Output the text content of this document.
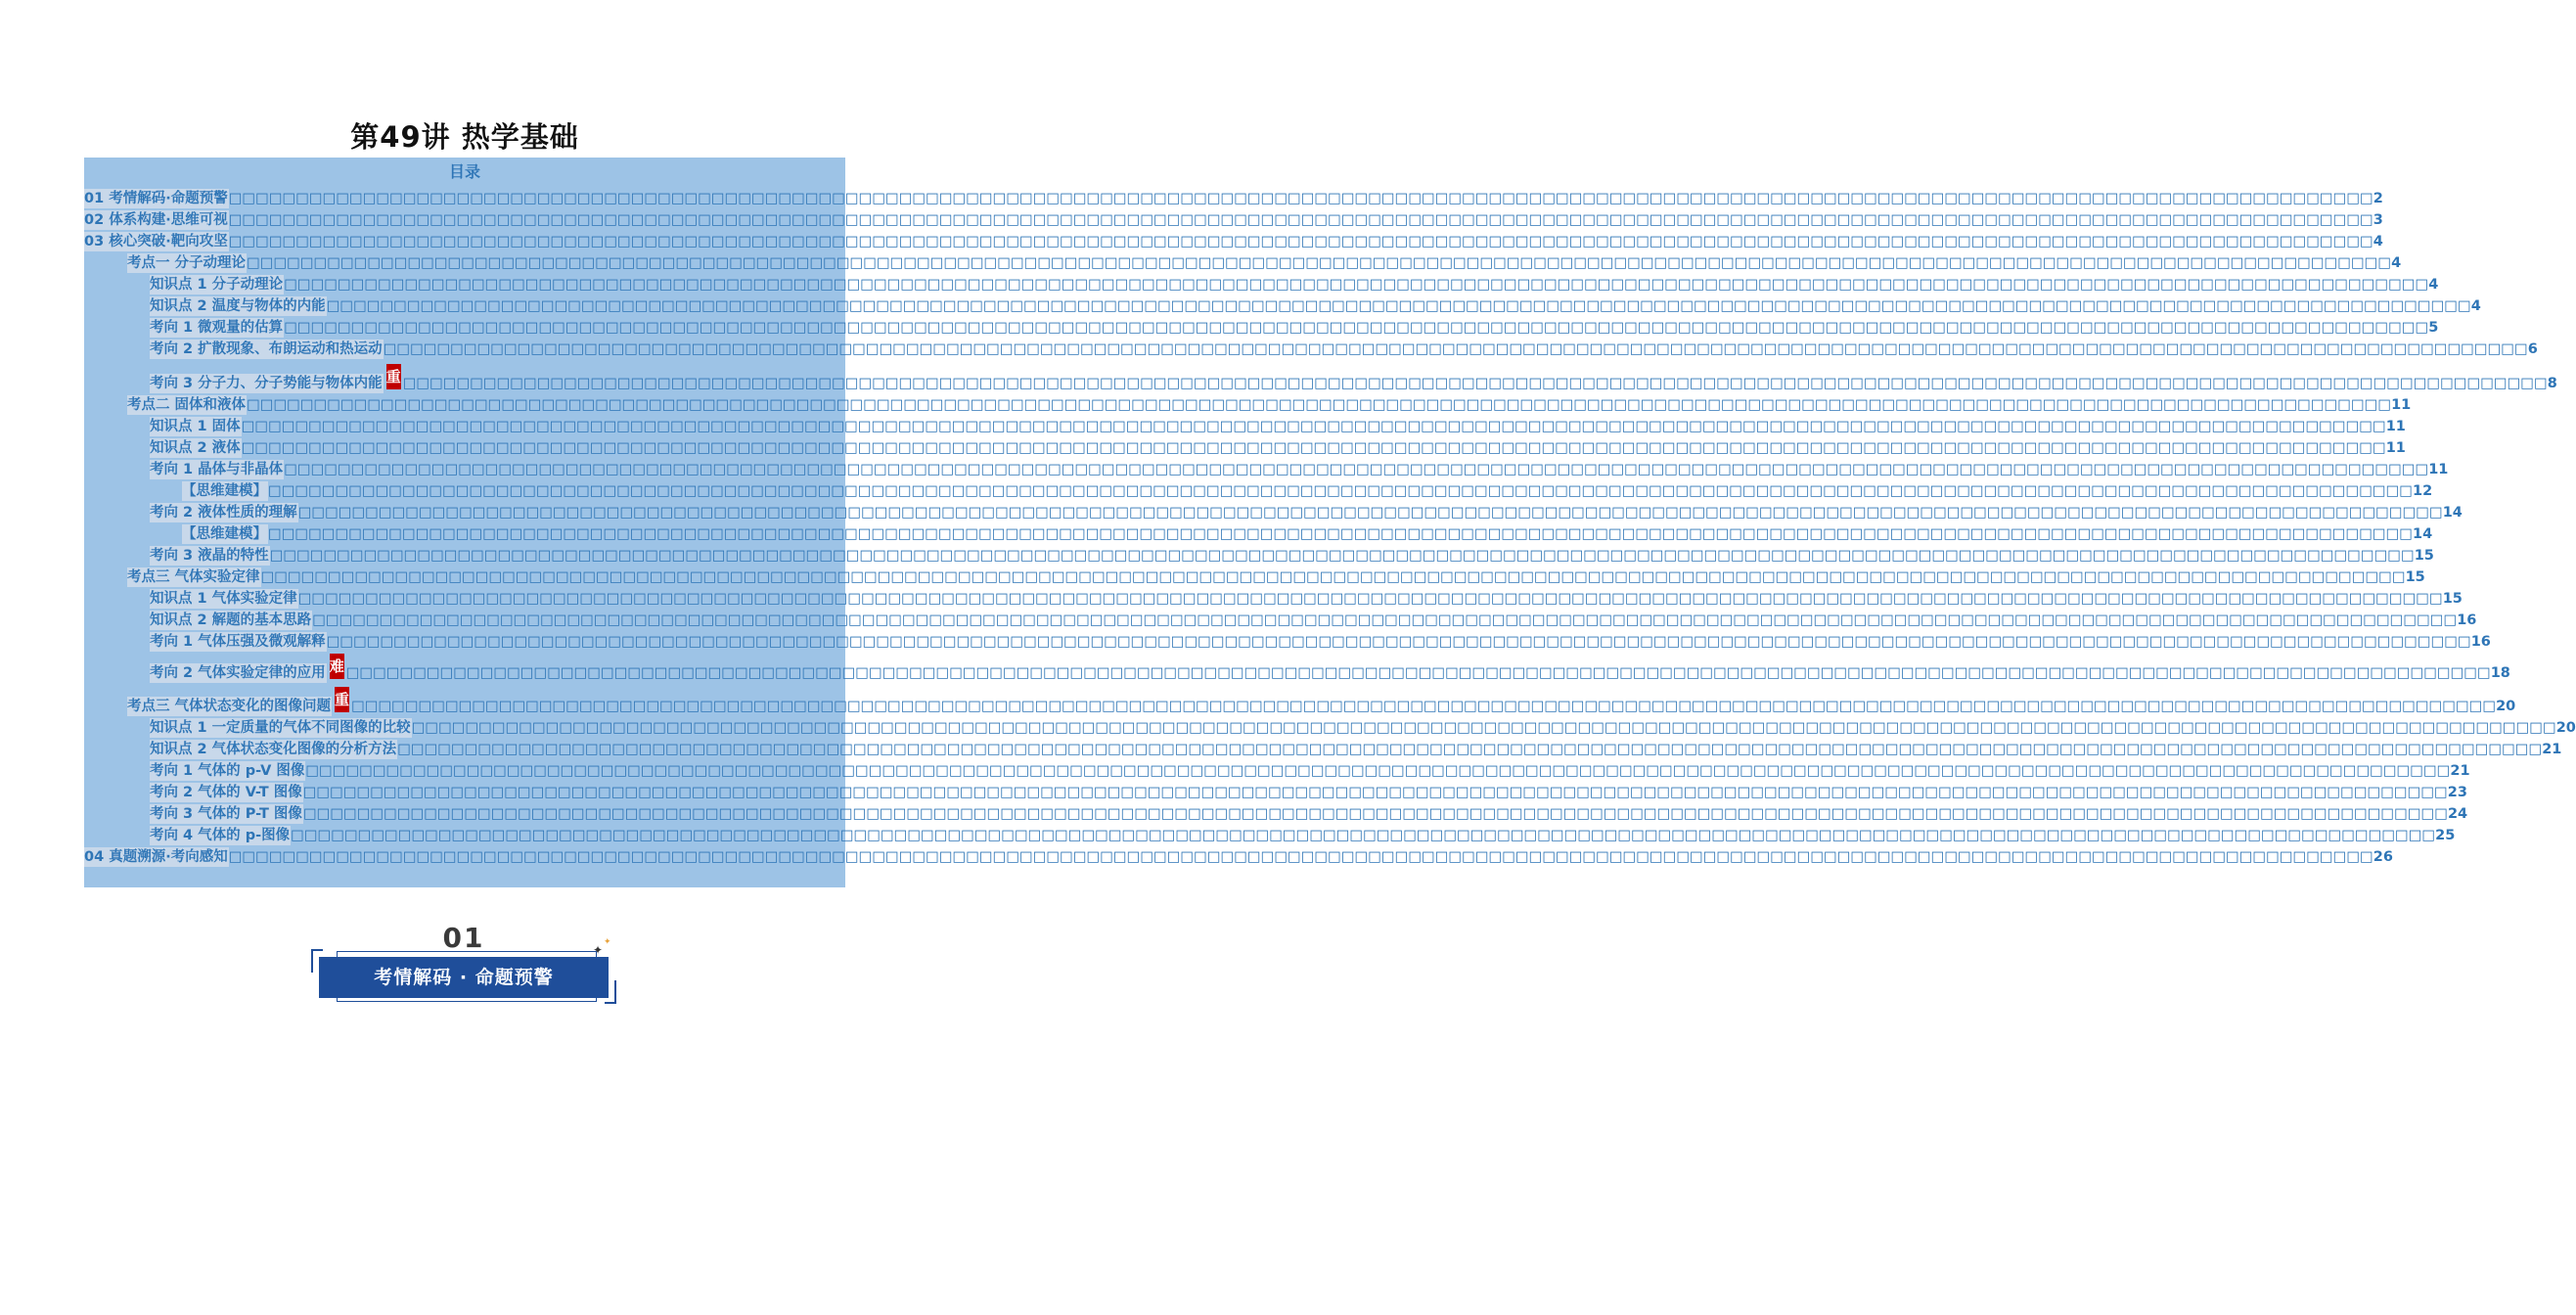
第49讲 热学基础
目录
01 考情解码·命题预警 □□□□□□□□□□□□□□□□□□□□□□□□□□□□□□□□□□□□□□□□□□□□□□□□□□□□□□□□□□□□□□□□□□□□□□□□□□□□□□□□□□□□□□□□□□□□□□□□□□□□□□□□□□□□□□□□□□□□□□□□□□□□□□□□□□□□□□□□□□□□□□□□□□□□□□□□□□□□□□□□ 2
02 体系构建·思维可视 □□□□□□□□□□□□□□□□□□□□□□□□□□□□□□□□□□□□□□□□□□□□□□□□□□□□□□□□□□□□□□□□□□□□□□□□□□□□□□□□□□□□□□□□□□□□□□□□□□□□□□□□□□□□□□□□□□□□□□□□□□□□□□□□□□□□□□□□□□□□□□□□□□□□□□□□□□□□□□□□ 3
03 核心突破·靶向攻坚 □□□□□□□□□□□□□□□□□□□□□□□□□□□□□□□□□□□□□□□□□□□□□□□□□□□□□□□□□□□□□□□□□□□□□□□□□□□□□□□□□□□□□□□□□□□□□□□□□□□□□□□□□□□□□□□□□□□□□□□□□□□□□□□□□□□□□□□□□□□□□□□□□□□□□□□□□□□□□□□□ 4
考点一 分子动理论 □□□□□□□□□□□□□□□□□□□□□□□□□□□□□□□□□□□□□□□□□□□□□□□□□□□□□□□□□□□□□□□□□□□□□□□□□□□□□□□□□□□□□□□□□□□□□□□□□□□□□□□□□□□□□□□□□□□□□□□□□□□□□□□□□□□□□□□□□□□□□□□□□□□□□□□□□□□□□□□□ 4
知识点 1 分子动理论 □□□□□□□□□□□□□□□□□□□□□□□□□□□□□□□□□□□□□□□□□□□□□□□□□□□□□□□□□□□□□□□□□□□□□□□□□□□□□□□□□□□□□□□□□□□□□□□□□□□□□□□□□□□□□□□□□□□□□□□□□□□□□□□□□□□□□□□□□□□□□□□□□□□□□□□□□□□□□□□□ 4
知识点 2 温度与物体的内能 □□□□□□□□□□□□□□□□□□□□□□□□□□□□□□□□□□□□□□□□□□□□□□□□□□□□□□□□□□□□□□□□□□□□□□□□□□□□□□□□□□□□□□□□□□□□□□□□□□□□□□□□□□□□□□□□□□□□□□□□□□□□□□□□□□□□□□□□□□□□□□□□□□□□□□□□□□□□□□□□ 4
考向 1 微观量的估算 □□□□□□□□□□□□□□□□□□□□□□□□□□□□□□□□□□□□□□□□□□□□□□□□□□□□□□□□□□□□□□□□□□□□□□□□□□□□□□□□□□□□□□□□□□□□□□□□□□□□□□□□□□□□□□□□□□□□□□□□□□□□□□□□□□□□□□□□□□□□□□□□□□□□□□□□□□□□□□□□ 5
考向 2 扩散现象、布朗运动和热运动 □□□□□□□□□□□□□□□□□□□□□□□□□□□□□□□□□□□□□□□□□□□□□□□□□□□□□□□□□□□□□□□□□□□□□□□□□□□□□□□□□□□□□□□□□□□□□□□□□□□□□□□□□□□□□□□□□□□□□□□□□□□□□□□□□□□□□□□□□□□□□□□□□□□□□□□□□□□□□□□□ 6
考向 3 分子力、分子势能与物体内能 重 □□□□□□□□□□□□□□□□□□□□□□□□□□□□□□□□□□□□□□□□□□□□□□□□□□□□□□□□□□□□□□□□□□□□□□□□□□□□□□□□□□□□□□□□□□□□□□□□□□□□□□□□□□□□□□□□□□□□□□□□□□□□□□□□□□□□□□□□□□□□□□□□□□□□□□□□□□□□□□□□ 8
考点二 固体和液体 □□□□□□□□□□□□□□□□□□□□□□□□□□□□□□□□□□□□□□□□□□□□□□□□□□□□□□□□□□□□□□□□□□□□□□□□□□□□□□□□□□□□□□□□□□□□□□□□□□□□□□□□□□□□□□□□□□□□□□□□□□□□□□□□□□□□□□□□□□□□□□□□□□□□□□□□□□□□□□□□ 11
知识点 1 固体 □□□□□□□□□□□□□□□□□□□□□□□□□□□□□□□□□□□□□□□□□□□□□□□□□□□□□□□□□□□□□□□□□□□□□□□□□□□□□□□□□□□□□□□□□□□□□□□□□□□□□□□□□□□□□□□□□□□□□□□□□□□□□□□□□□□□□□□□□□□□□□□□□□□□□□□□□□□□□□□□ 11
知识点 2 液体 □□□□□□□□□□□□□□□□□□□□□□□□□□□□□□□□□□□□□□□□□□□□□□□□□□□□□□□□□□□□□□□□□□□□□□□□□□□□□□□□□□□□□□□□□□□□□□□□□□□□□□□□□□□□□□□□□□□□□□□□□□□□□□□□□□□□□□□□□□□□□□□□□□□□□□□□□□□□□□□□ 11
考向 1 晶体与非晶体 □□□□□□□□□□□□□□□□□□□□□□□□□□□□□□□□□□□□□□□□□□□□□□□□□□□□□□□□□□□□□□□□□□□□□□□□□□□□□□□□□□□□□□□□□□□□□□□□□□□□□□□□□□□□□□□□□□□□□□□□□□□□□□□□□□□□□□□□□□□□□□□□□□□□□□□□□□□□□□□□ 11
【思维建模】 □□□□□□□□□□□□□□□□□□□□□□□□□□□□□□□□□□□□□□□□□□□□□□□□□□□□□□□□□□□□□□□□□□□□□□□□□□□□□□□□□□□□□□□□□□□□□□□□□□□□□□□□□□□□□□□□□□□□□□□□□□□□□□□□□□□□□□□□□□□□□□□□□□□□□□□□□□□□□□□□ 12
考向 2 液体性质的理解 □□□□□□□□□□□□□□□□□□□□□□□□□□□□□□□□□□□□□□□□□□□□□□□□□□□□□□□□□□□□□□□□□□□□□□□□□□□□□□□□□□□□□□□□□□□□□□□□□□□□□□□□□□□□□□□□□□□□□□□□□□□□□□□□□□□□□□□□□□□□□□□□□□□□□□□□□□□□□□□□ 14
【思维建模】 □□□□□□□□□□□□□□□□□□□□□□□□□□□□□□□□□□□□□□□□□□□□□□□□□□□□□□□□□□□□□□□□□□□□□□□□□□□□□□□□□□□□□□□□□□□□□□□□□□□□□□□□□□□□□□□□□□□□□□□□□□□□□□□□□□□□□□□□□□□□□□□□□□□□□□□□□□□□□□□□ 14
考向 3 液晶的特性 □□□□□□□□□□□□□□□□□□□□□□□□□□□□□□□□□□□□□□□□□□□□□□□□□□□□□□□□□□□□□□□□□□□□□□□□□□□□□□□□□□□□□□□□□□□□□□□□□□□□□□□□□□□□□□□□□□□□□□□□□□□□□□□□□□□□□□□□□□□□□□□□□□□□□□□□□□□□□□□□ 15
考点三 气体实验定律 □□□□□□□□□□□□□□□□□□□□□□□□□□□□□□□□□□□□□□□□□□□□□□□□□□□□□□□□□□□□□□□□□□□□□□□□□□□□□□□□□□□□□□□□□□□□□□□□□□□□□□□□□□□□□□□□□□□□□□□□□□□□□□□□□□□□□□□□□□□□□□□□□□□□□□□□□□□□□□□□ 15
知识点 1 气体实验定律 □□□□□□□□□□□□□□□□□□□□□□□□□□□□□□□□□□□□□□□□□□□□□□□□□□□□□□□□□□□□□□□□□□□□□□□□□□□□□□□□□□□□□□□□□□□□□□□□□□□□□□□□□□□□□□□□□□□□□□□□□□□□□□□□□□□□□□□□□□□□□□□□□□□□□□□□□□□□□□□□ 15
知识点 2 解题的基本思路 □□□□□□□□□□□□□□□□□□□□□□□□□□□□□□□□□□□□□□□□□□□□□□□□□□□□□□□□□□□□□□□□□□□□□□□□□□□□□□□□□□□□□□□□□□□□□□□□□□□□□□□□□□□□□□□□□□□□□□□□□□□□□□□□□□□□□□□□□□□□□□□□□□□□□□□□□□□□□□□□ 16
考向 1 气体压强及微观解释 □□□□□□□□□□□□□□□□□□□□□□□□□□□□□□□□□□□□□□□□□□□□□□□□□□□□□□□□□□□□□□□□□□□□□□□□□□□□□□□□□□□□□□□□□□□□□□□□□□□□□□□□□□□□□□□□□□□□□□□□□□□□□□□□□□□□□□□□□□□□□□□□□□□□□□□□□□□□□□□□ 16
考向 2 气体实验定律的应用 难 □□□□□□□□□□□□□□□□□□□□□□□□□□□□□□□□□□□□□□□□□□□□□□□□□□□□□□□□□□□□□□□□□□□□□□□□□□□□□□□□□□□□□□□□□□□□□□□□□□□□□□□□□□□□□□□□□□□□□□□□□□□□□□□□□□□□□□□□□□□□□□□□□□□□□□□□□□□□□□□□ 18
考点三 气体状态变化的图像问题 重 □□□□□□□□□□□□□□□□□□□□□□□□□□□□□□□□□□□□□□□□□□□□□□□□□□□□□□□□□□□□□□□□□□□□□□□□□□□□□□□□□□□□□□□□□□□□□□□□□□□□□□□□□□□□□□□□□□□□□□□□□□□□□□□□□□□□□□□□□□□□□□□□□□□□□□□□□□□□□□□□ 20
知识点 1 一定质量的气体不同图像的比较 □□□□□□□□□□□□□□□□□□□□□□□□□□□□□□□□□□□□□□□□□□□□□□□□□□□□□□□□□□□□□□□□□□□□□□□□□□□□□□□□□□□□□□□□□□□□□□□□□□□□□□□□□□□□□□□□□□□□□□□□□□□□□□□□□□□□□□□□□□□□□□□□□□□□□□□□□□□□□□□□ 20
知识点 2 气体状态变化图像的分析方法 □□□□□□□□□□□□□□□□□□□□□□□□□□□□□□□□□□□□□□□□□□□□□□□□□□□□□□□□□□□□□□□□□□□□□□□□□□□□□□□□□□□□□□□□□□□□□□□□□□□□□□□□□□□□□□□□□□□□□□□□□□□□□□□□□□□□□□□□□□□□□□□□□□□□□□□□□□□□□□□□ 21
考向 1 气体的 p-V 图像 □□□□□□□□□□□□□□□□□□□□□□□□□□□□□□□□□□□□□□□□□□□□□□□□□□□□□□□□□□□□□□□□□□□□□□□□□□□□□□□□□□□□□□□□□□□□□□□□□□□□□□□□□□□□□□□□□□□□□□□□□□□□□□□□□□□□□□□□□□□□□□□□□□□□□□□□□□□□□□□□ 21
考向 2 气体的 V-T 图像 □□□□□□□□□□□□□□□□□□□□□□□□□□□□□□□□□□□□□□□□□□□□□□□□□□□□□□□□□□□□□□□□□□□□□□□□□□□□□□□□□□□□□□□□□□□□□□□□□□□□□□□□□□□□□□□□□□□□□□□□□□□□□□□□□□□□□□□□□□□□□□□□□□□□□□□□□□□□□□□□ 23
考向 3 气体的 P-T 图像 □□□□□□□□□□□□□□□□□□□□□□□□□□□□□□□□□□□□□□□□□□□□□□□□□□□□□□□□□□□□□□□□□□□□□□□□□□□□□□□□□□□□□□□□□□□□□□□□□□□□□□□□□□□□□□□□□□□□□□□□□□□□□□□□□□□□□□□□□□□□□□□□□□□□□□□□□□□□□□□□ 24
考向 4 气体的 p-图像 □□□□□□□□□□□□□□□□□□□□□□□□□□□□□□□□□□□□□□□□□□□□□□□□□□□□□□□□□□□□□□□□□□□□□□□□□□□□□□□□□□□□□□□□□□□□□□□□□□□□□□□□□□□□□□□□□□□□□□□□□□□□□□□□□□□□□□□□□□□□□□□□□□□□□□□□□□□□□□□□ 25
04 真题溯源·考向感知 □□□□□□□□□□□□□□□□□□□□□□□□□□□□□□□□□□□□□□□□□□□□□□□□□□□□□□□□□□□□□□□□□□□□□□□□□□□□□□□□□□□□□□□□□□□□□□□□□□□□□□□□□□□□□□□□□□□□□□□□□□□□□□□□□□□□□□□□□□□□□□□□□□□□□□□□□□□□□□□□ 26
01
考情解码 · 命题预警
✦
✦
